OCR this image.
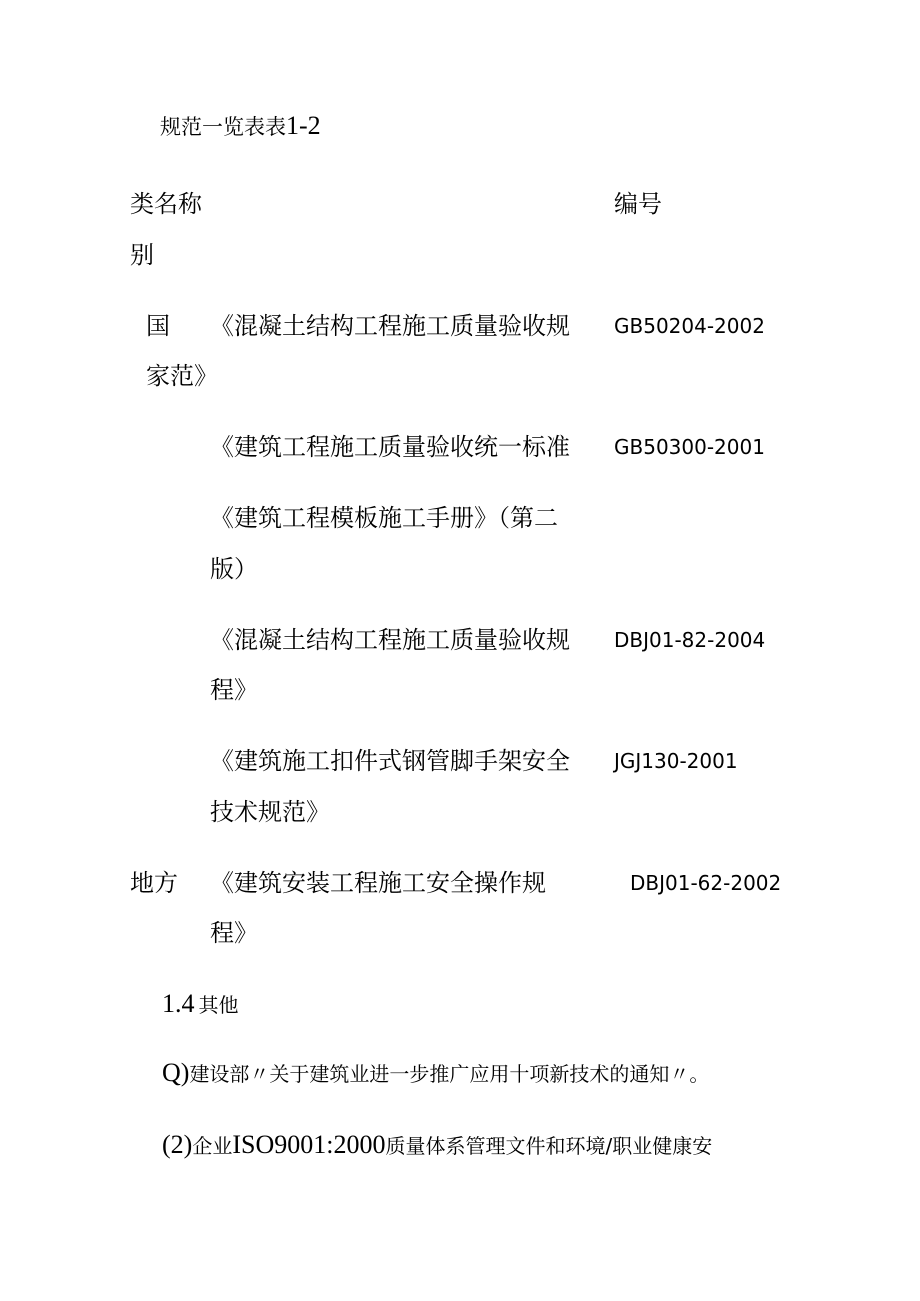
规范一览表表1-2
类名称
别
编号
国 《混凝土结构工程施工质量验收规
家范》
GB50204-2002
《建筑工程施工质量验收统一标准 GB50300-2001
《建筑工程模板施工手册》（第二
版）
《混凝土结构工程施工质量验收规
程》
DBJ01-82-2004
《建筑施工扣件式钢管脚手架安全
技术规范》
JGJ130-2001
地方 《建筑安装工程施工安全操作规
程》
DBJ01-62-2002
1.4 其他
Q)建设部〃关于建筑业进一步推广应用十项新技术的通知〃。
(2)企业ISO9001:2000质量体系管理文件和环境/职业健康安
